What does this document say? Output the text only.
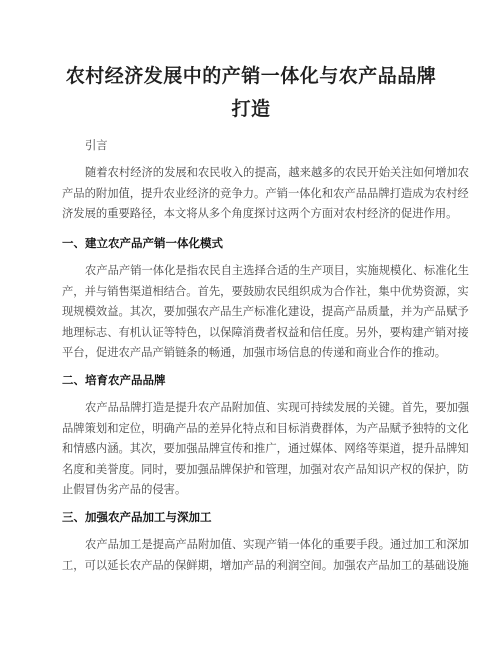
农村经济发展中的产销一体化与农产品品牌
打造

引言

随着农村经济的发展和农民收入的提高，越来越多的农民开始关注如何增加农
产品的附加值，提升农业经济的竞争力。产销一体化和农产品品牌打造成为农村经
济发展的重要路径，本文将从多个角度探讨这两个方面对农村经济的促进作用。

一、建立农产品产销一体化模式

农产品产销一体化是指农民自主选择合适的生产项目，实施规模化、标准化生
产，并与销售渠道相结合。首先，要鼓励农民组织成为合作社，集中优势资源，实
现规模效益。其次，要加强农产品生产标准化建设，提高产品质量，并为产品赋予
地理标志、有机认证等特色，以保障消费者权益和信任度。另外，要构建产销对接
平台，促进农产品产销链条的畅通，加强市场信息的传递和商业合作的推动。

二、培育农产品品牌

农产品品牌打造是提升农产品附加值、实现可持续发展的关键。首先，要加强
品牌策划和定位，明确产品的差异化特点和目标消费群体，为产品赋予独特的文化
和情感内涵。其次，要加强品牌宣传和推广，通过媒体、网络等渠道，提升品牌知
名度和美誉度。同时，要加强品牌保护和管理，加强对农产品知识产权的保护，防
止假冒伪劣产品的侵害。

三、加强农产品加工与深加工

农产品加工是提高产品附加值、实现产销一体化的重要手段。通过加工和深加
工，可以延长农产品的保鲜期，增加产品的利润空间。加强农产品加工的基础设施
